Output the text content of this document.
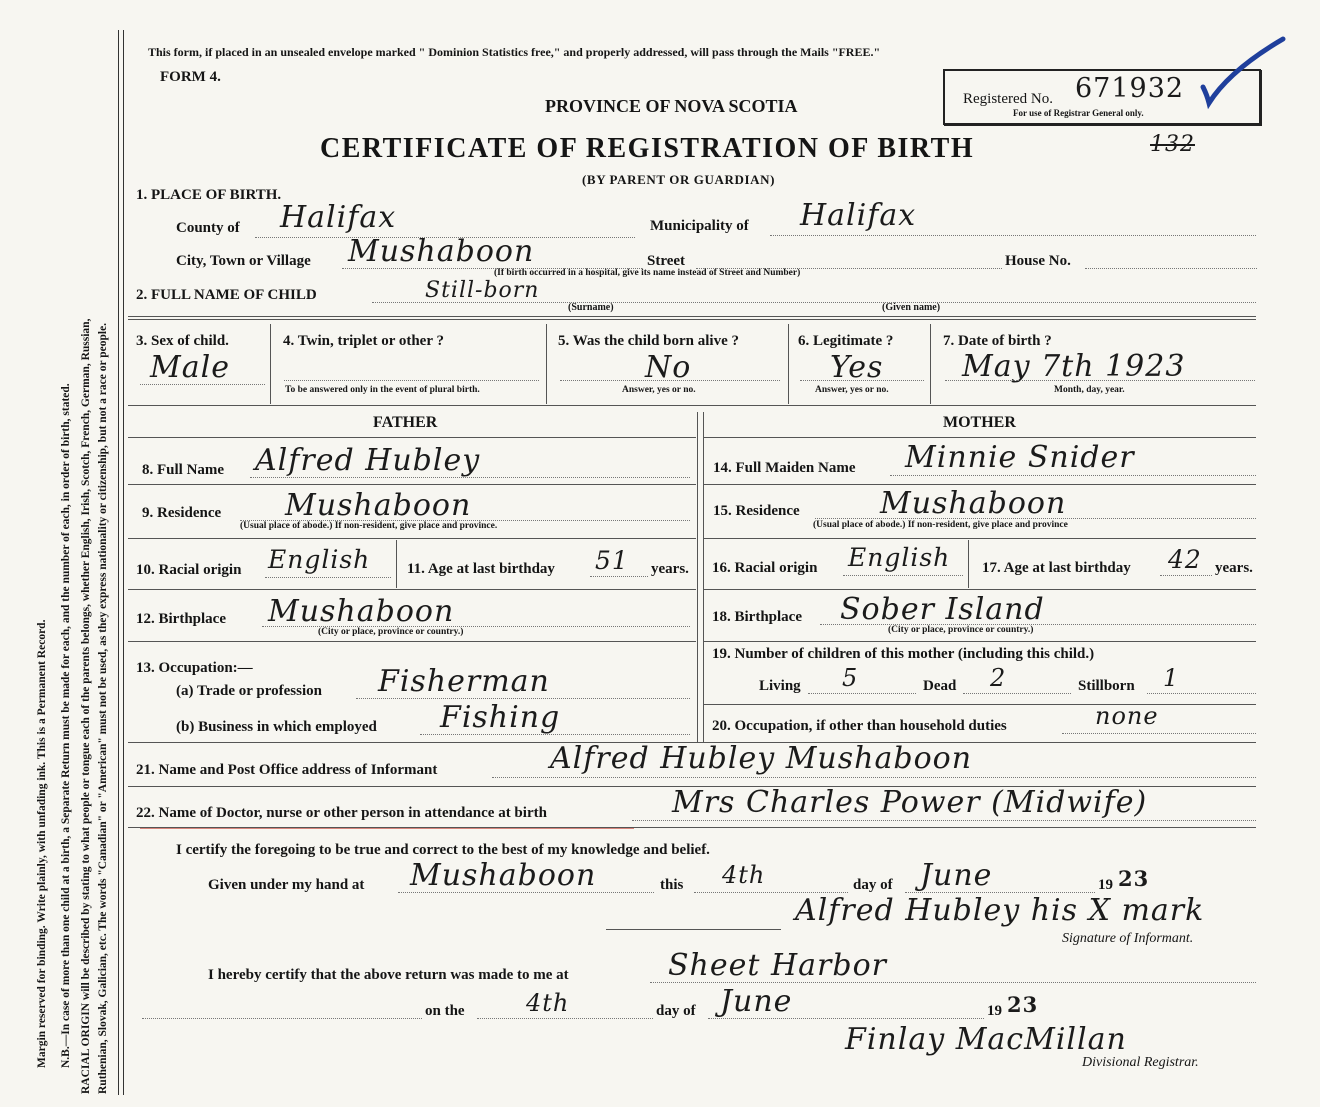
Margin reserved for binding. Write plainly, with unfading ink. This is a Permanent Record. N.B.—In case of more than one child at a birth, a Separate Return must be made for each, and the number of each, in order of birth, stated. RACIAL ORIGIN will be described by stating to what people or tongue each of the parents belongs, whether English, Irish, Scotch, French, German, Russian, Ruthenian, Slovak, Galician, etc. The words "Canadian" or "American" must not be used, as they express nationality or citizenship, but not a race or people.
This form, if placed in an unsealed envelope marked " Dominion Statistics free," and properly addressed, will pass through the Mails "FREE."
FORM 4.
PROVINCE OF NOVA SCOTIA	Registered No. 671932
For use of Registrar General only.
CERTIFICATE OF REGISTRATION OF BIRTH	132
(BY PARENT OR GUARDIAN)
1. PLACE OF BIRTH.
County of Halifax	Municipality of Halifax
City, Town or Village Mushaboon	Street	House No.
(If birth occurred in a hospital, give its name instead of Street and Number)
2. FULL NAME OF CHILD	Still-born
(Surname)	(Given name)
3. Sex of child.
Male
4. Twin, triplet or other ?
To be answered only in the event of plural birth.
5. Was the child born alive ?
No
Answer, yes or no.
6. Legitimate ?
Yes
Answer, yes or no.
7. Date of birth ?
May 7th 1923
Month, day, year.
FATHER	MOTHER
8. Full Name Alfred Hubley	14. Full Maiden Name Minnie Snider
9. Residence Mushaboon
(Usual place of abode.) If non-resident, give place and province.
15. Residence	Mushaboon
(Usual place of abode.) If non-resident, give place and province
10. Racial origin English 11. Age at last birthday 51 years. 16. Racial origin English 17. Age at last birthday 42 years.
12. Birthplace Mushaboon
(City or place, province or country.)
18. Birthplace Sober Island
(City or place, province or country.)
13. Occupation:—
(a) Trade or profession Fisherman
(b) Business in which employed Fishing
19. Number of children of this mother (including this child.)
Living 5	Dead 2	Stillborn 1
20. Occupation, if other than household duties	none
21. Name and Post Office address of Informant	Alfred Hubley Mushaboon
22. Name of Doctor, nurse or other person in attendance at birth	Mrs Charles Power (Midwife)
I certify the foregoing to be true and correct to the best of my knowledge and belief.
Given under my hand at Mushaboon	this 4th	day of June	19 23
Alfred Hubley his X mark
Signature of Informant.
I hereby certify that the above return was made to me at	Sheet Harbor
on the	4th	day of June	19 23
Finlay MacMillan
Divisional Registrar.
